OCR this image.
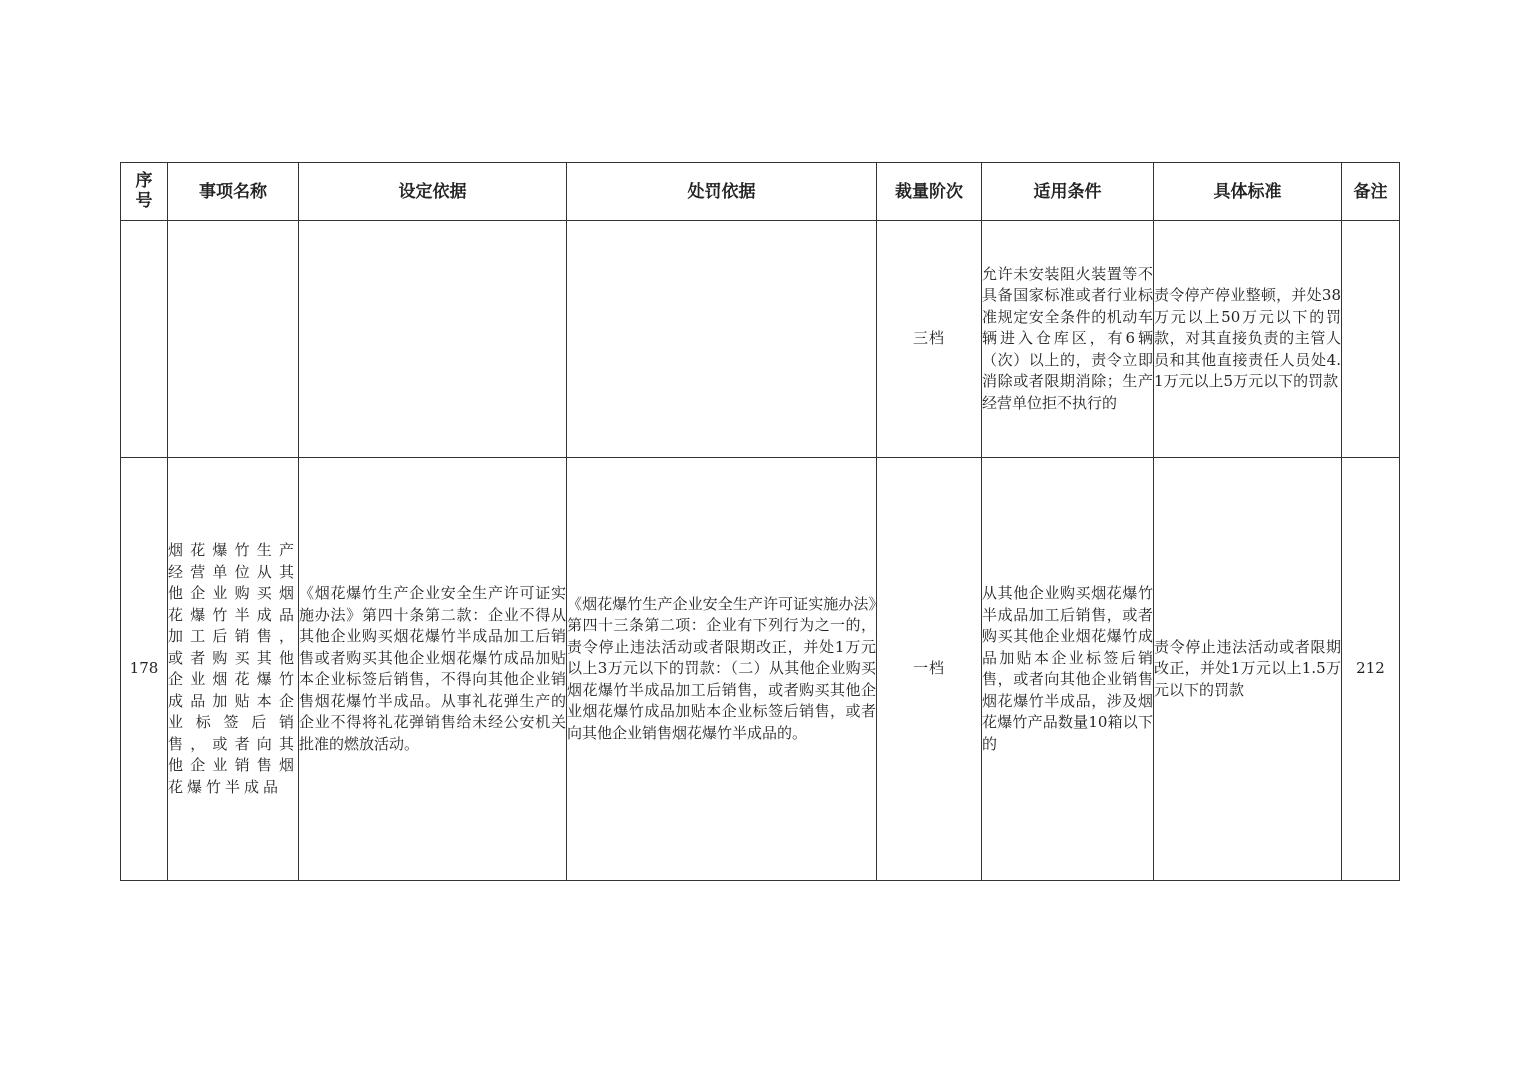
序号	事项名称	设定依据	处罚依据	裁量阶次	适用条件	具体标准	备注
				三档	允许未安装阻火装置等不具备国家标准或者行业标准规定安全条件的机动车辆进入仓库区，有6辆（次）以上的，责令立即消除或者限期消除；生产经营单位拒不执行的	责令停产停业整顿，并处38万元以上50万元以下的罚款，对其直接负责的主管人员和其他直接责任人员处4.1万元以上5万元以下的罚款	
178	烟花爆竹生产经营单位从其他企业购买烟花爆竹半成品加工后销售，或者购买其他企业烟花爆竹成品加贴本企业标签后销售，或者向其他企业销售烟花爆竹半成品	《烟花爆竹生产企业安全生产许可证实施办法》第四十条第二款：企业不得从其他企业购买烟花爆竹半成品加工后销售或者购买其他企业烟花爆竹成品加贴本企业标签后销售，不得向其他企业销售烟花爆竹半成品。从事礼花弹生产的企业不得将礼花弹销售给未经公安机关批准的燃放活动。	《烟花爆竹生产企业安全生产许可证实施办法》第四十三条第二项：企业有下列行为之一的，责令停止违法活动或者限期改正，并处1万元以上3万元以下的罚款：（二）从其他企业购买烟花爆竹半成品加工后销售，或者购买其他企业烟花爆竹成品加贴本企业标签后销售，或者向其他企业销售烟花爆竹半成品的。	一档	从其他企业购买烟花爆竹半成品加工后销售，或者购买其他企业烟花爆竹成品加贴本企业标签后销售，或者向其他企业销售烟花爆竹半成品，涉及烟花爆竹产品数量10箱以下的	责令停止违法活动或者限期改正，并处1万元以上1.5万元以下的罚款	212
